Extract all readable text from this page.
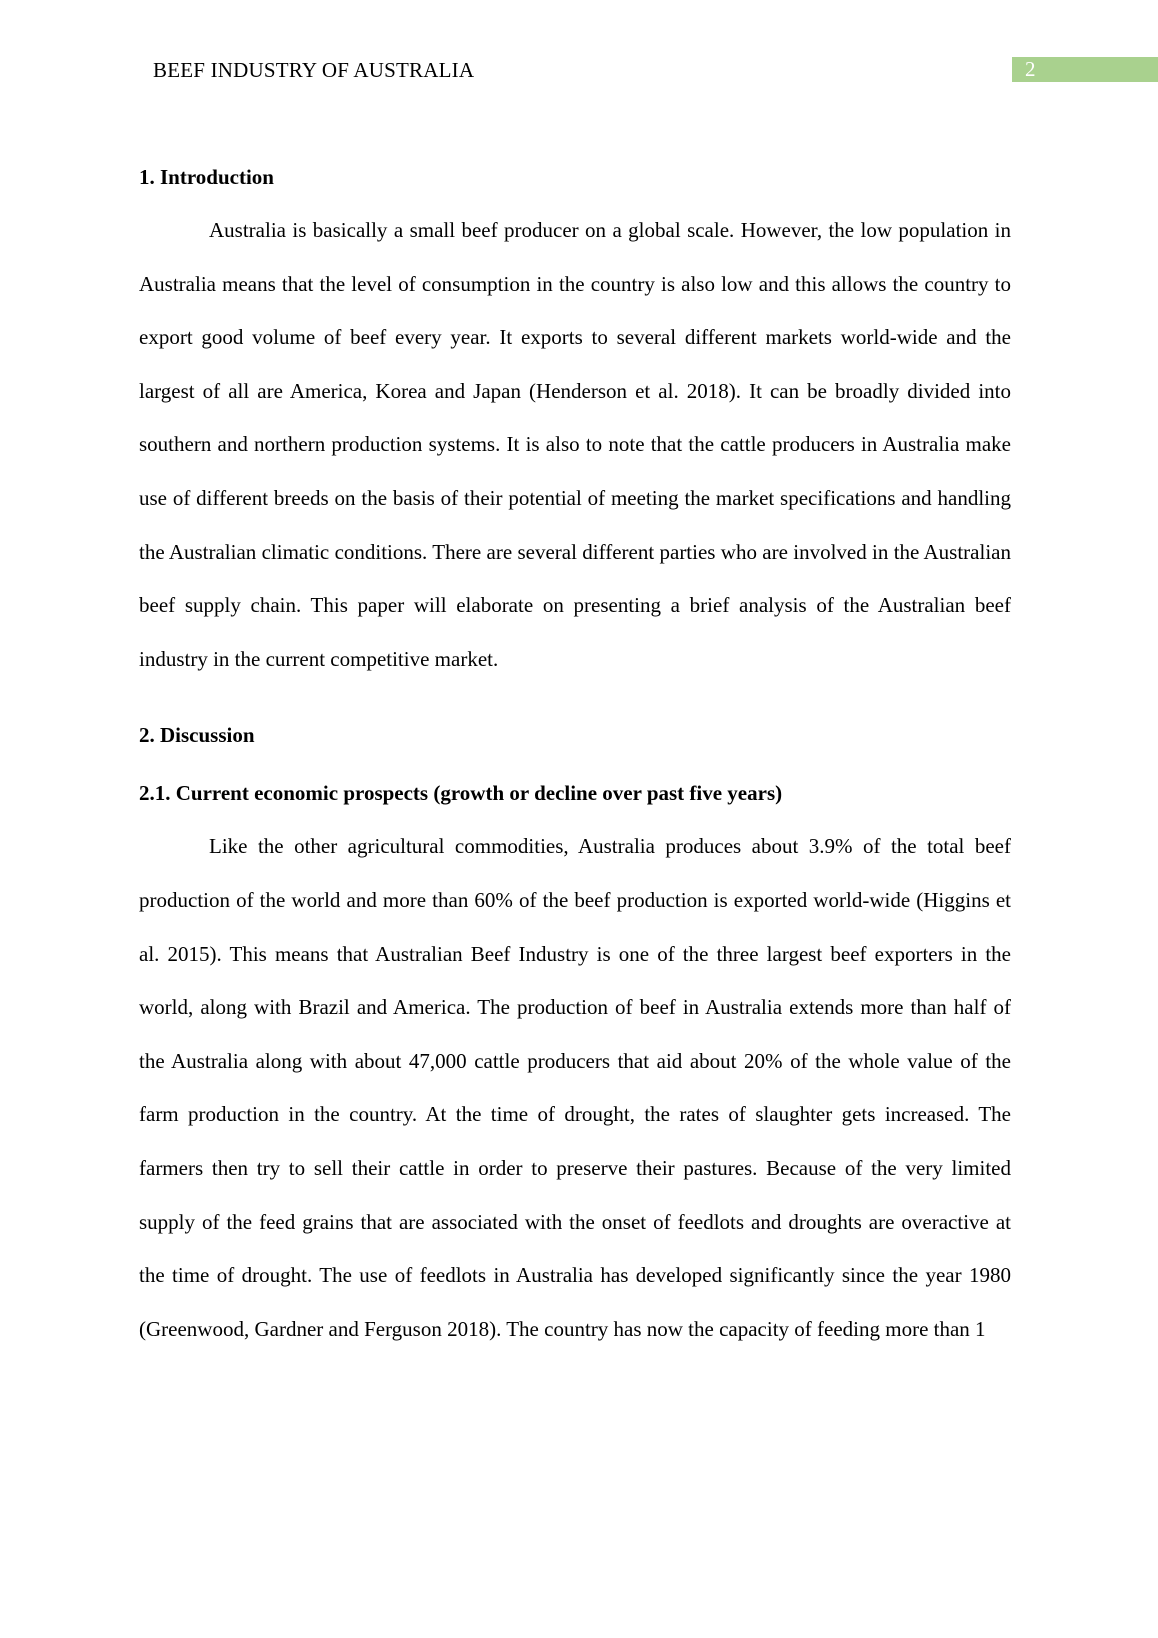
BEEF INDUSTRY OF AUSTRALIA	2
1. Introduction

Australia is basically a small beef producer on a global scale. However, the low population in Australia means that the level of consumption in the country is also low and this allows the country to export good volume of beef every year. It exports to several different markets world-wide and the largest of all are America, Korea and Japan (Henderson et al. 2018). It can be broadly divided into southern and northern production systems. It is also to note that the cattle producers in Australia make use of different breeds on the basis of their potential of meeting the market specifications and handling the Australian climatic conditions. There are several different parties who are involved in the Australian beef supply chain. This paper will elaborate on presenting a brief analysis of the Australian beef industry in the current competitive market.

2. Discussion
2.1. Current economic prospects (growth or decline over past five years)

Like the other agricultural commodities, Australia produces about 3.9% of the total beef production of the world and more than 60% of the beef production is exported world-wide (Higgins et al. 2015). This means that Australian Beef Industry is one of the three largest beef exporters in the world, along with Brazil and America. The production of beef in Australia extends more than half of the Australia along with about 47,000 cattle producers that aid about 20% of the whole value of the farm production in the country. At the time of drought, the rates of slaughter gets increased. The farmers then try to sell their cattle in order to preserve their pastures. Because of the very limited supply of the feed grains that are associated with the onset of feedlots and droughts are overactive at the time of drought. The use of feedlots in Australia has developed significantly since the year 1980 (Greenwood, Gardner and Ferguson 2018). The country has now the capacity of feeding more than 1
